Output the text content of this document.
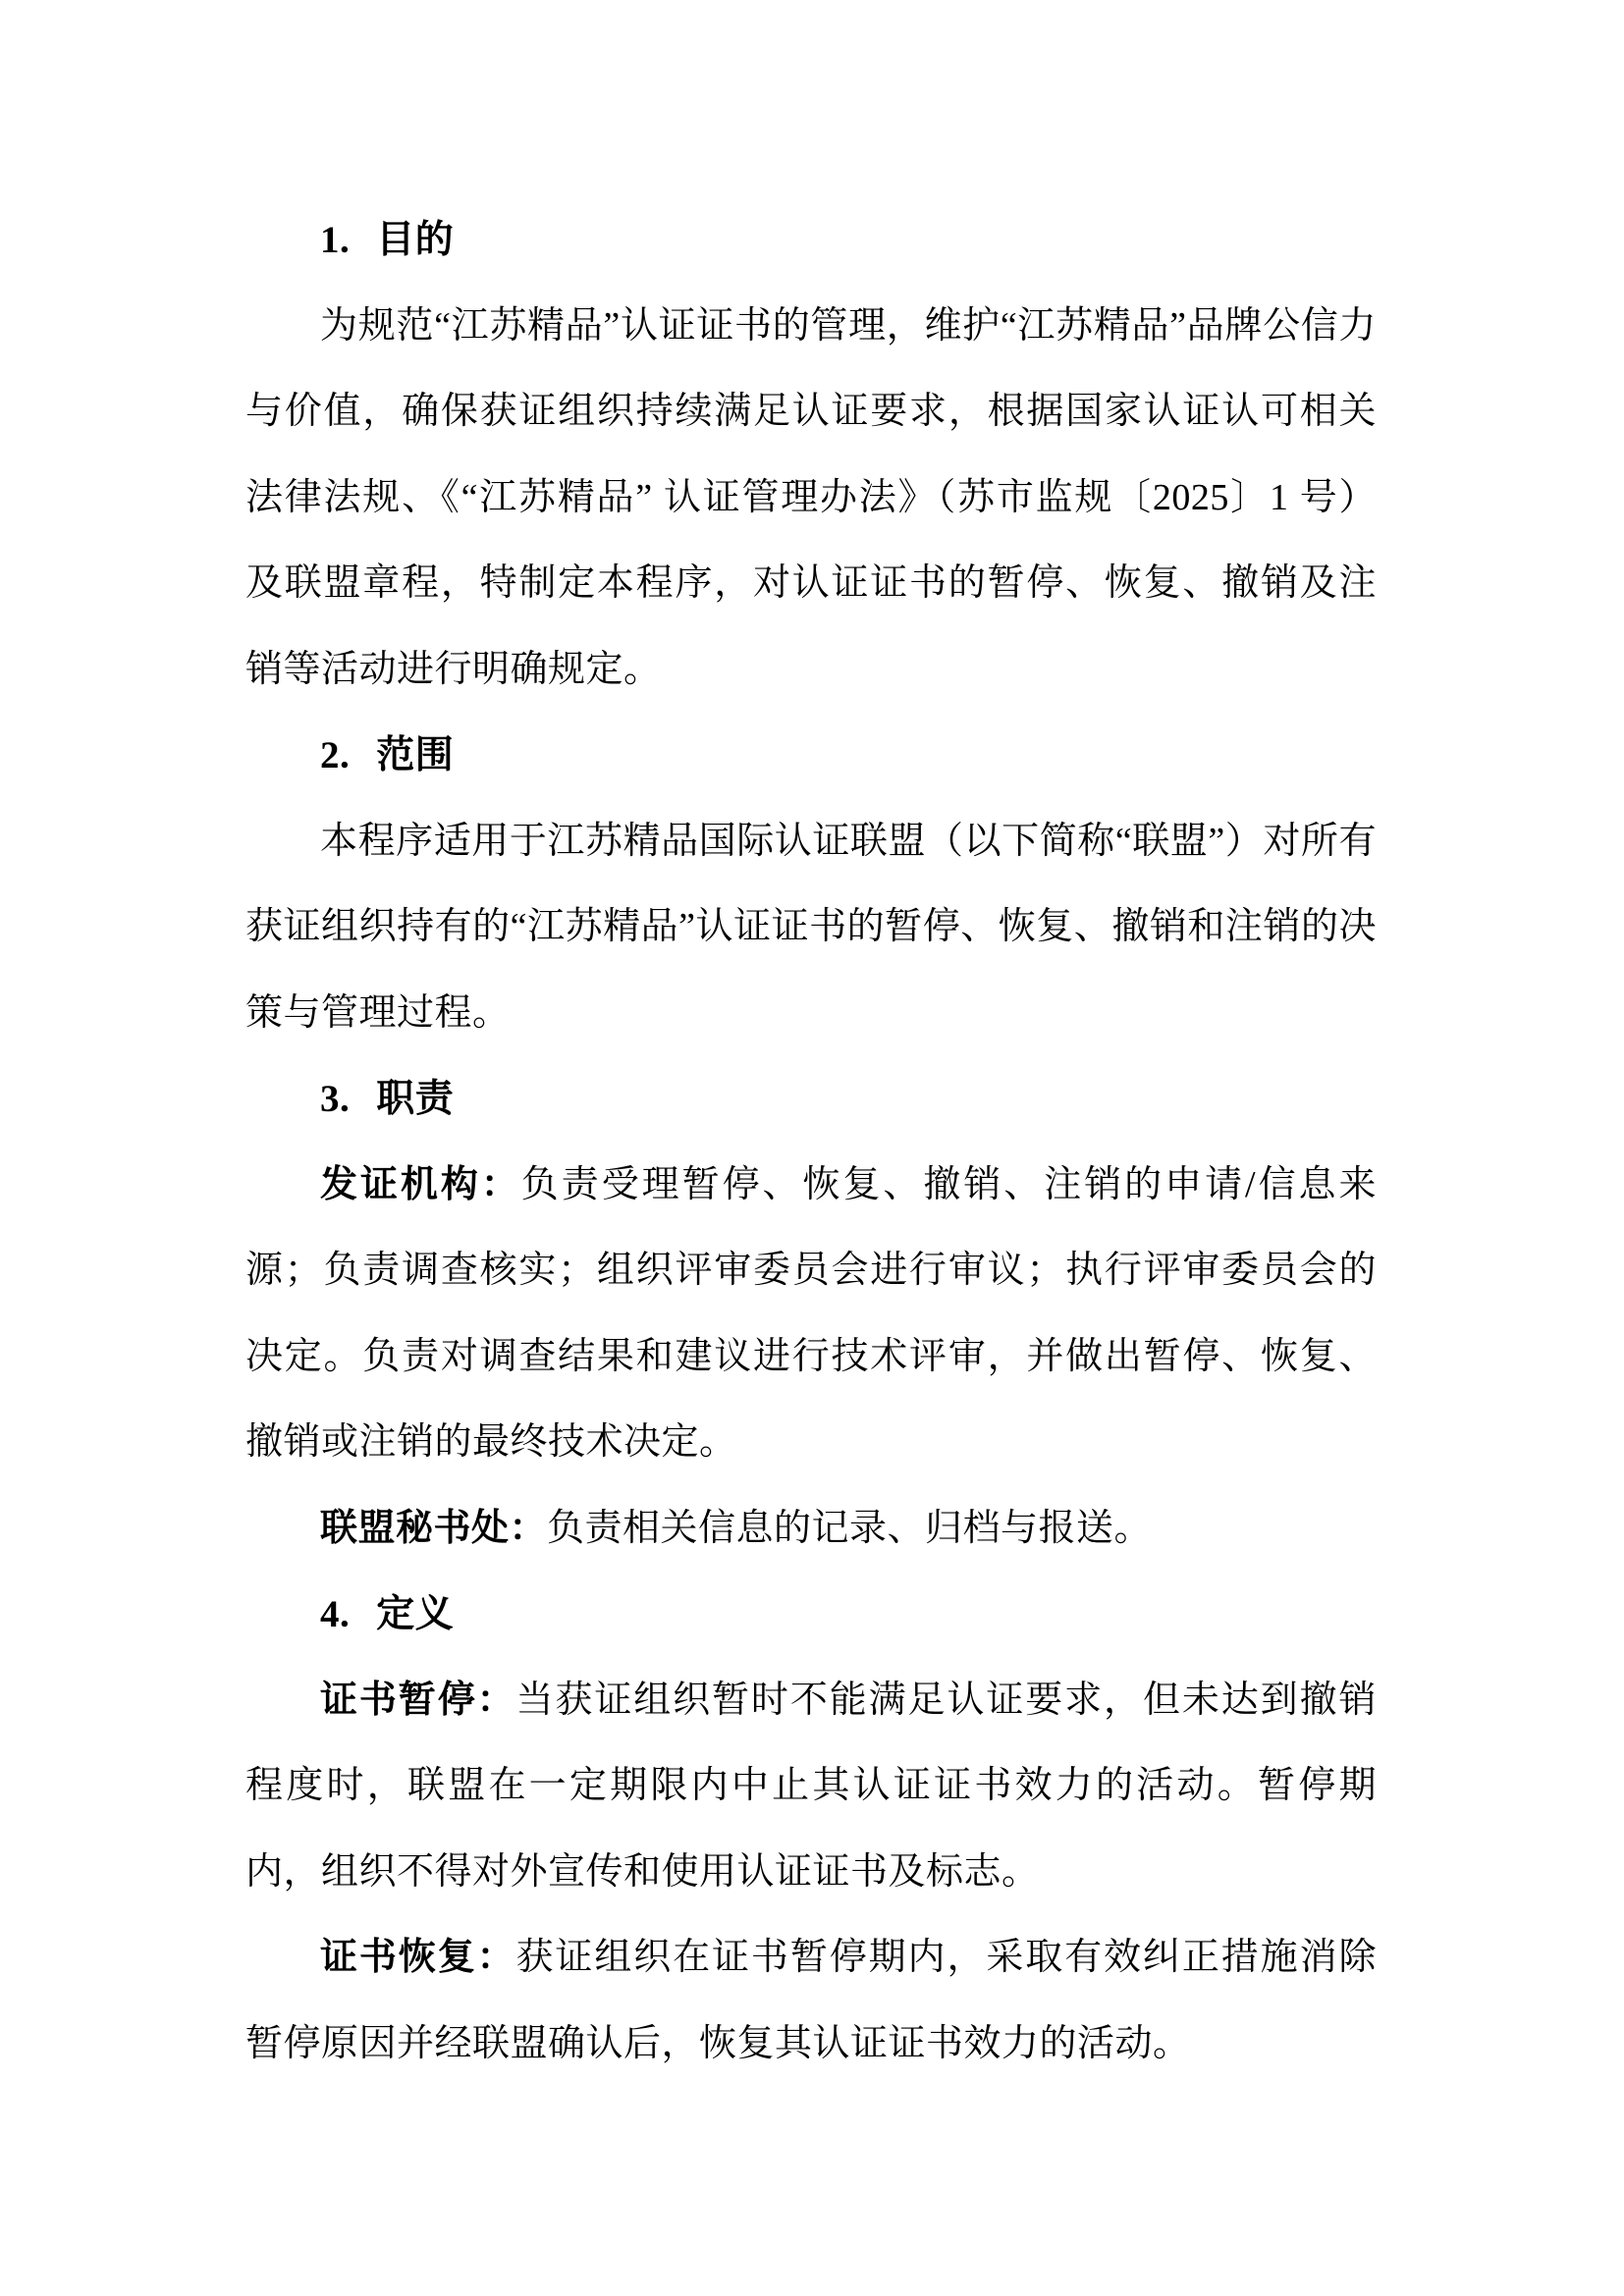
1. 目的

为规范“江苏精品”认证证书的管理，维护“江苏精品”品牌公信力与价值，确保获证组织持续满足认证要求，根据国家认证认可相关法律法规、《“江苏精品” 认证管理办法》（苏市监规〔2025〕1 号）及联盟章程，特制定本程序，对认证证书的暂停、恢复、撤销及注销等活动进行明确规定。

2. 范围

本程序适用于江苏精品国际认证联盟（以下简称“联盟”）对所有获证组织持有的“江苏精品”认证证书的暂停、恢复、撤销和注销的决策与管理过程。

3. 职责

发证机构：负责受理暂停、恢复、撤销、注销的申请/信息来源；负责调查核实；组织评审委员会进行审议；执行评审委员会的决定。负责对调查结果和建议进行技术评审，并做出暂停、恢复、撤销或注销的最终技术决定。

联盟秘书处：负责相关信息的记录、归档与报送。

4. 定义

证书暂停：当获证组织暂时不能满足认证要求，但未达到撤销程度时，联盟在一定期限内中止其认证证书效力的活动。暂停期内，组织不得对外宣传和使用认证证书及标志。

证书恢复：获证组织在证书暂停期内，采取有效纠正措施消除暂停原因并经联盟确认后，恢复其认证证书效力的活动。
